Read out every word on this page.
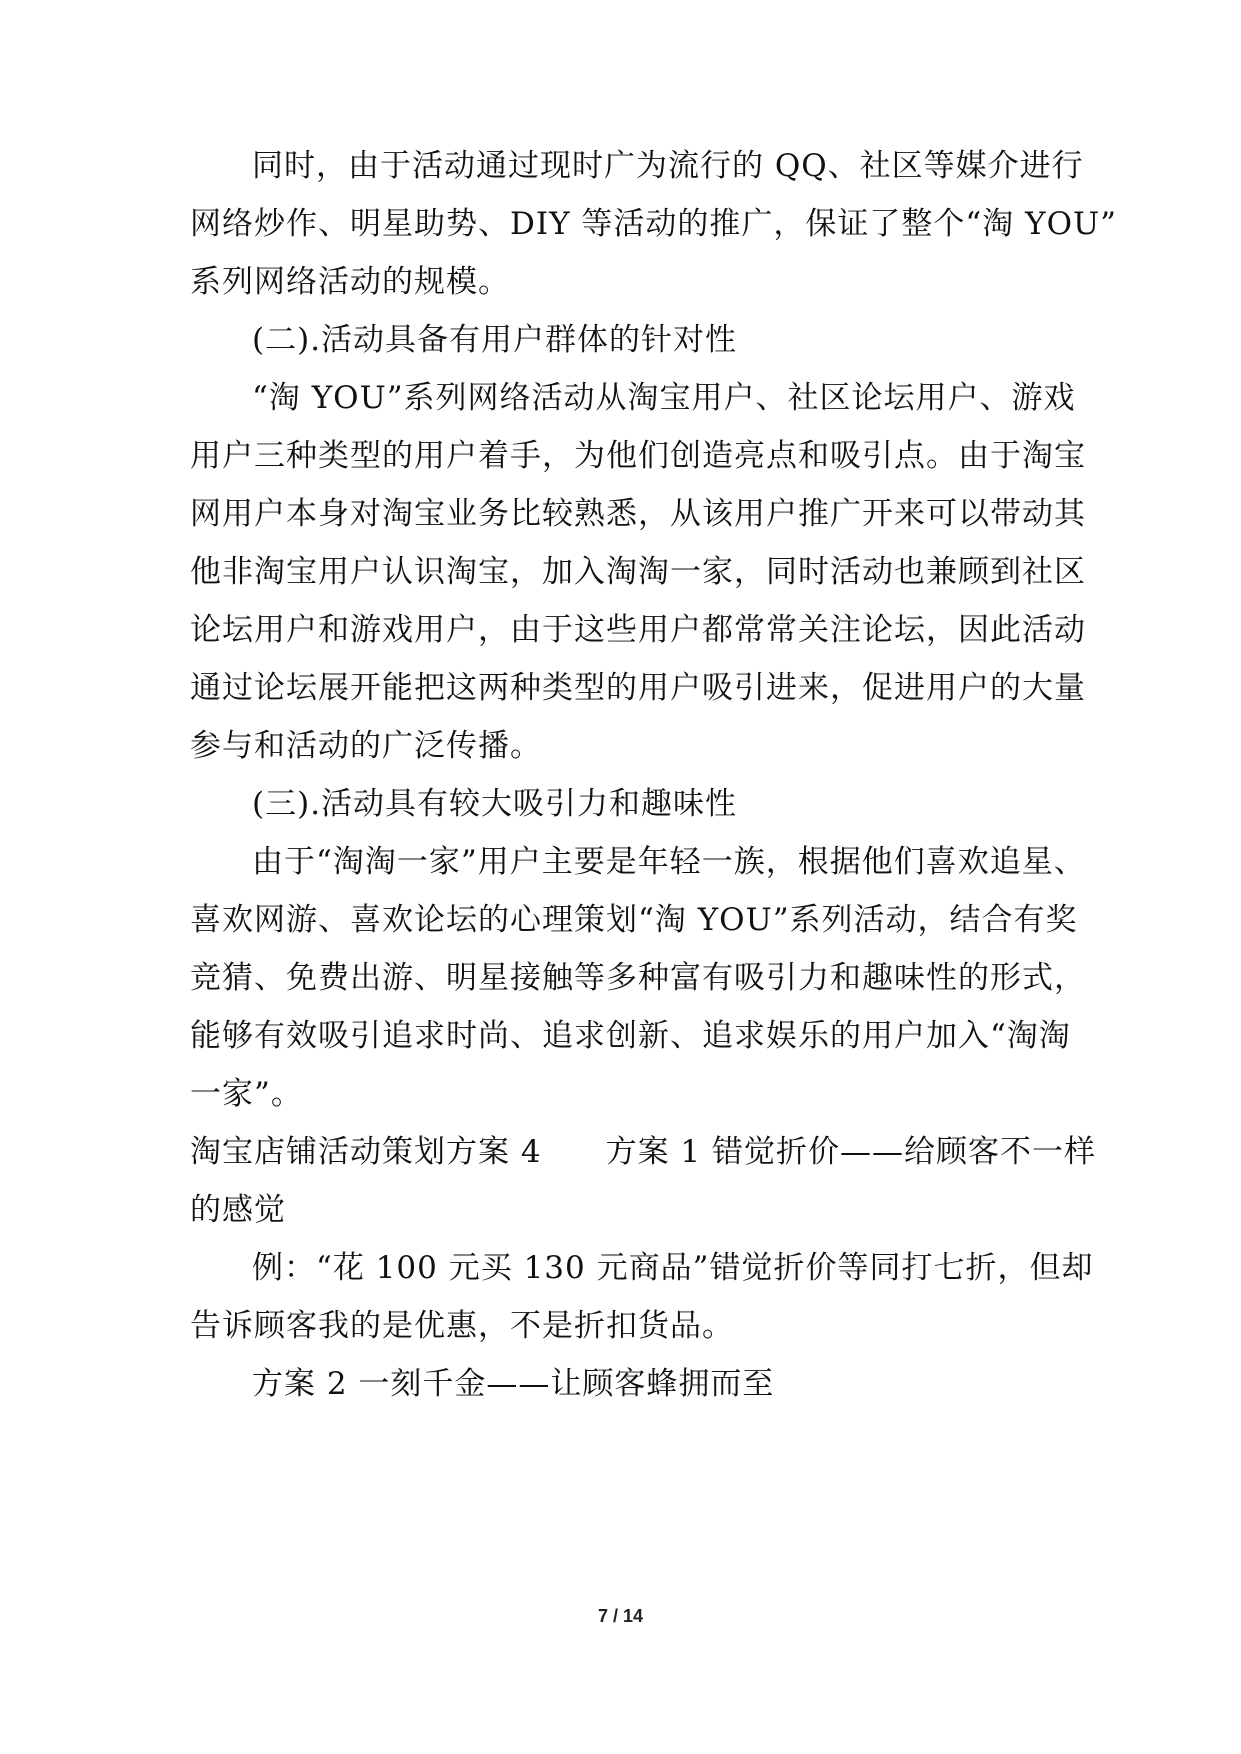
同时，由于活动通过现时广为流行的 QQ、社区等媒介进行
网络炒作、明星助势、DIY 等活动的推广，保证了整个“淘 YOU”
系列网络活动的规模。
(二).活动具备有用户群体的针对性
“淘 YOU”系列网络活动从淘宝用户、社区论坛用户、游戏
用户三种类型的用户着手，为他们创造亮点和吸引点。由于淘宝
网用户本身对淘宝业务比较熟悉，从该用户推广开来可以带动其
他非淘宝用户认识淘宝，加入淘淘一家，同时活动也兼顾到社区
论坛用户和游戏用户，由于这些用户都常常关注论坛，因此活动
通过论坛展开能把这两种类型的用户吸引进来，促进用户的大量
参与和活动的广泛传播。
(三).活动具有较大吸引力和趣味性
由于“淘淘一家”用户主要是年轻一族，根据他们喜欢追星、
喜欢网游、喜欢论坛的心理策划“淘 YOU”系列活动，结合有奖
竞猜、免费出游、明星接触等多种富有吸引力和趣味性的形式，
能够有效吸引追求时尚、追求创新、追求娱乐的用户加入“淘淘
一家”。
淘宝店铺活动策划方案 4　　方案 1 错觉折价——给顾客不一样
的感觉
例：“花 100 元买 130 元商品”错觉折价等同打七折，但却
告诉顾客我的是优惠，不是折扣货品。
方案 2 一刻千金——让顾客蜂拥而至
7 / 14
